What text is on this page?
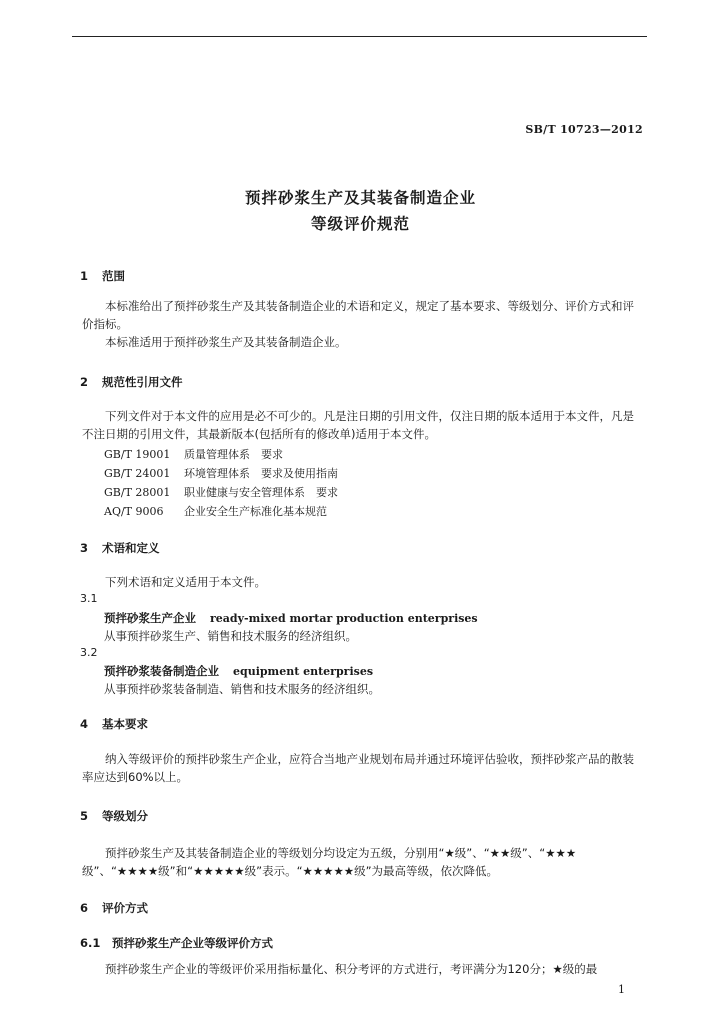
SB/T 10723—2012
预拌砂浆生产及其装备制造企业
等级评价规范
1 范围
本标准给出了预拌砂浆生产及其装备制造企业的术语和定义，规定了基本要求、等级划分、评价方式和评价指标。
本标准适用于预拌砂浆生产及其装备制造企业。
2 规范性引用文件
下列文件对于本文件的应用是必不可少的。凡是注日期的引用文件，仅注日期的版本适用于本文件，凡是不注日期的引用文件，其最新版本(包括所有的修改单)适用于本文件。
GB/T 19001 质量管理体系　要求
GB/T 24001 环境管理体系　要求及使用指南
GB/T 28001 职业健康与安全管理体系　要求
AQ/T 9006 企业安全生产标准化基本规范
3 术语和定义
下列术语和定义适用于本文件。
3.1
预拌砂浆生产企业 ready-mixed mortar production enterprises
从事预拌砂浆生产、销售和技术服务的经济组织。
3.2
预拌砂浆装备制造企业 equipment enterprises
从事预拌砂浆装备制造、销售和技术服务的经济组织。
4 基本要求
纳入等级评价的预拌砂浆生产企业，应符合当地产业规划布局并通过环境评估验收，预拌砂浆产品的散装率应达到60%以上。
5 等级划分
预拌砂浆生产及其装备制造企业的等级划分均设定为五级，分别用“★级”、“★★级”、“★★★级”、“★★★★级”和“★★★★★级”表示。“★★★★★级”为最高等级，依次降低。
6 评价方式
6.1 预拌砂浆生产企业等级评价方式
预拌砂浆生产企业的等级评价采用指标量化、积分考评的方式进行，考评满分为120分；★级的最
1
